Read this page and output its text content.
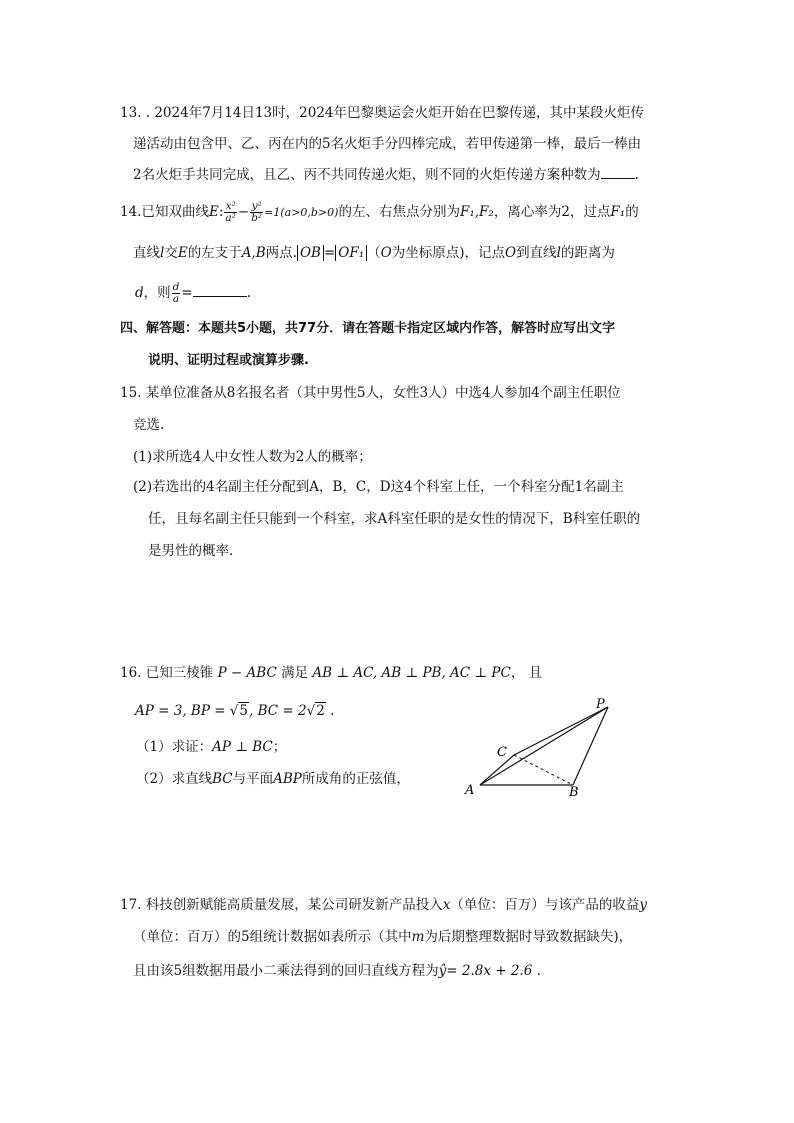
13. . 2024年7月14日13时，2024年巴黎奥运会火炬开始在巴黎传递，其中某段火炬传
递活动由包含甲、乙、丙在内的5名火炬手分四棒完成，若甲传递第一棒，最后一棒由
2名火炬手共同完成，且乙、丙不共同传递火炬，则不同的火炬传递方案种数为	.
14.已知双曲线E: $\frac{\text{x²}}{\text{a²}} - \frac{\text{y²}}{\text{b²}} =1(a>0,b>0)$的左、右焦点分别为F₁,F₂，离心率为2，过点F₁的
直线l交E的左支于A,B两点. OB = OF₁ （O为坐标原点)，记点O到直线l的距离为
d，则 $\frac{d}{a}$ =	.
四、解答题：本题共5小题，共77分．请在答题卡指定区域内作答，解答时应写出文字
说明、证明过程或演算步骤.
15. 某单位准备从8名报名者（其中男性5人，女性3人）中选4人参加4个副主任职位
竞选.
(1)求所选4人中女性人数为2人的概率；
(2)若选出的4名副主任分配到A，B，C，D这4个科室上任，一个科室分配1名副主
任，且每名副主任只能到一个科室，求A科室任职的是女性的情况下，B科室任职的
是男性的概率.
16. 已知三棱锥 P − ABC 满足 AB ⊥ AC, AB ⊥ PB, AC ⊥ PC， 且
AP = 3, BP = √5, BC = 2√2 .
（1）求证：AP ⊥ BC；
（2）求直线BC与平面ABP所成角的正弦值，
P
C
A	B
17. 科技创新赋能高质量发展，某公司研发新产品投入x（单位：百万）与该产品的收益y
（单位：百万）的5组统计数据如表所示（其中m为后期整理数据时导致数据缺失)，
且由该5组数据用最小二乘法得到的回归直线方程为ŷ= 2.8x + 2.6 .
